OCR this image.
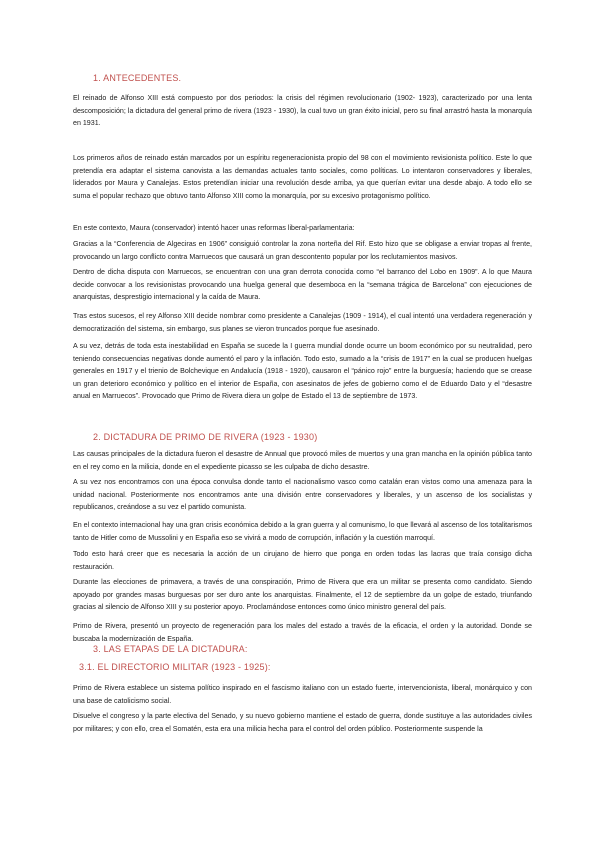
1. ANTECEDENTES.

El reinado de Alfonso XIII está compuesto por dos periodos: la crisis del régimen revolucionario (1902- 1923), caracterizado por una lenta descomposición; la dictadura del general primo de rivera (1923 - 1930), la cual tuvo un gran éxito inicial, pero su final arrastró hasta la monarquía en 1931.

Los primeros años de reinado están marcados por un espíritu regeneracionista propio del 98 con el movimiento revisionista político. Este lo que pretendía era adaptar el sistema canovista a las demandas actuales tanto sociales, como políticas. Lo intentaron conservadores y liberales, liderados por Maura y Canalejas. Estos pretendían iniciar una revolución desde arriba, ya que querían evitar una desde abajo. A todo ello se suma el popular rechazo que obtuvo tanto Alfonso XIII como la monarquía, por su excesivo protagonismo político.

En este contexto, Maura (conservador) intentó hacer unas reformas liberal-parlamentaria:

Gracias a la “Conferencia de Algeciras en 1906” consiguió controlar la zona norteña del Rif. Esto hizo que se obligase a enviar tropas al frente, provocando un largo conflicto contra Marruecos que causará un gran descontento popular por los reclutamientos masivos.

Dentro de dicha disputa con Marruecos, se encuentran con una gran derrota conocida como “el barranco del Lobo en 1909”. A lo que Maura decide convocar a los revisionistas provocando una huelga general que desemboca en la “semana trágica de Barcelona” con ejecuciones de anarquistas, desprestigio internacional y la caída de Maura.

Tras estos sucesos, el rey Alfonso XIII decide nombrar como presidente a Canalejas (1909 - 1914), el cual intentó una verdadera regeneración y democratización del sistema, sin embargo, sus planes se vieron truncados porque fue asesinado.

A su vez, detrás de toda esta inestabilidad en España se sucede la I guerra mundial donde ocurre un boom económico por su neutralidad, pero teniendo consecuencias negativas donde aumentó el paro y la inflación. Todo esto, sumado a la “crisis de 1917” en la cual se producen huelgas generales en 1917 y el trienio de Bolchevique en Andalucía (1918 - 1920), causaron el “pánico rojo” entre la burguesía; haciendo que se crease un gran deterioro económico y político en el interior de España, con asesinatos de jefes de gobierno como el de Eduardo Dato y el “desastre anual en Marruecos”. Provocado que Primo de Rivera diera un golpe de Estado el 13 de septiembre de 1973.

2. DICTADURA DE PRIMO DE RIVERA (1923 - 1930)

Las causas principales de la dictadura fueron el desastre de Annual que provocó miles de muertos y una gran mancha en la opinión pública tanto en el rey como en la milicia, donde en el expediente picasso se les culpaba de dicho desastre.

A su vez nos encontramos con una época convulsa donde tanto el nacionalismo vasco como catalán eran vistos como una amenaza para la unidad nacional. Posteriormente nos encontramos ante una división entre conservadores y liberales, y un ascenso de los socialistas y republicanos, creándose a su vez el partido comunista.

En el contexto internacional hay una gran crisis económica debido a la gran guerra y al comunismo, lo que llevará al ascenso de los totalitarismos tanto de Hitler como de Mussolini y en España eso se vivirá a modo de corrupción, inflación y la cuestión marroquí.

Todo esto hará creer que es necesaria la acción de un cirujano de hierro que ponga en orden todas las lacras que traía consigo dicha restauración.

Durante las elecciones de primavera, a través de una conspiración, Primo de Rivera que era un militar se presenta como candidato. Siendo apoyado por grandes masas burguesas por ser duro ante los anarquistas. Finalmente, el 12 de septiembre da un golpe de estado, triunfando gracias al silencio de Alfonso XIII y su posterior apoyo. Proclamándose entonces como único ministro general del país.

Primo de Rivera, presentó un proyecto de regeneración para los males del estado a través de la eficacia, el orden y la autoridad. Donde se buscaba la modernización de España.

3. LAS ETAPAS DE LA DICTADURA:
3.1. EL DIRECTORIO MILITAR (1923 - 1925):

Primo de Rivera establece un sistema político inspirado en el fascismo italiano con un estado fuerte, intervencionista, liberal, monárquico y con una base de catolicismo social.

Disuelve el congreso y la parte electiva del Senado, y su nuevo gobierno mantiene el estado de guerra, donde sustituye a las autoridades civiles por militares; y con ello, crea el Somatén, esta era una milicia hecha para el control del orden público. Posteriormente suspende la
